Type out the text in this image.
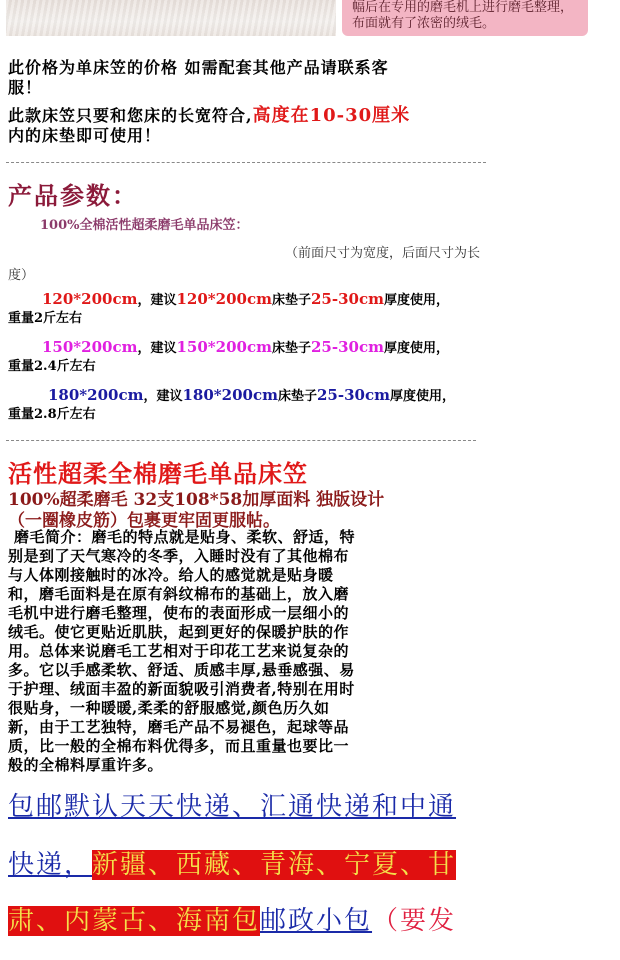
幅后在专用的磨毛机上进行磨毛整理，
布面就有了浓密的绒毛。
此价格为单床笠的价格 如需配套其他产品请联系客
服！
此款床笠只要和您床的长宽符合,高度在10-30厘米
内的床垫即可使用！
产品参数：
100%全棉活性超柔磨毛单品床笠：
（前面尺寸为宽度，后面尺寸为长
度）
120*200cm，建议120*200cm床垫子25-30cm厚度使用，
重量2斤左右
150*200cm，建议150*200cm床垫子25-30cm厚度使用，
重量2.4斤左右
180*200cm，建议180*200cm床垫子25-30cm厚度使用，
重量2.8斤左右
活性超柔全棉磨毛单品床笠
100%超柔磨毛 32支108*58加厚面料 独版设计
（一圈橡皮筋）包裹更牢固更服帖。
磨毛简介：磨毛的特点就是贴身、柔软、舒适，特
别是到了天气寒冷的冬季，入睡时没有了其他棉布
与人体刚接触时的冰冷。给人的感觉就是贴身暖
和，磨毛面料是在原有斜纹棉布的基础上，放入磨
毛机中进行磨毛整理，使布的表面形成一层细小的
绒毛。使它更贴近肌肤，起到更好的保暖护肤的作
用。总体来说磨毛工艺相对于印花工艺来说复杂的
多。它以手感柔软、舒适、质感丰厚,悬垂感强、易
于护理、绒面丰盈的新面貌吸引消费者,特别在用时
很贴身，一种暖暖,柔柔的舒服感觉,颜色历久如
新，由于工艺独特，磨毛产品不易褪色，起球等品
质，比一般的全棉布料优得多，而且重量也要比一
般的全棉料厚重许多。
包邮默认天天快递、汇通快递和中通
快递，新疆、西藏、青海、宁夏、甘
肃、内蒙古、海南包邮政小包（要发
